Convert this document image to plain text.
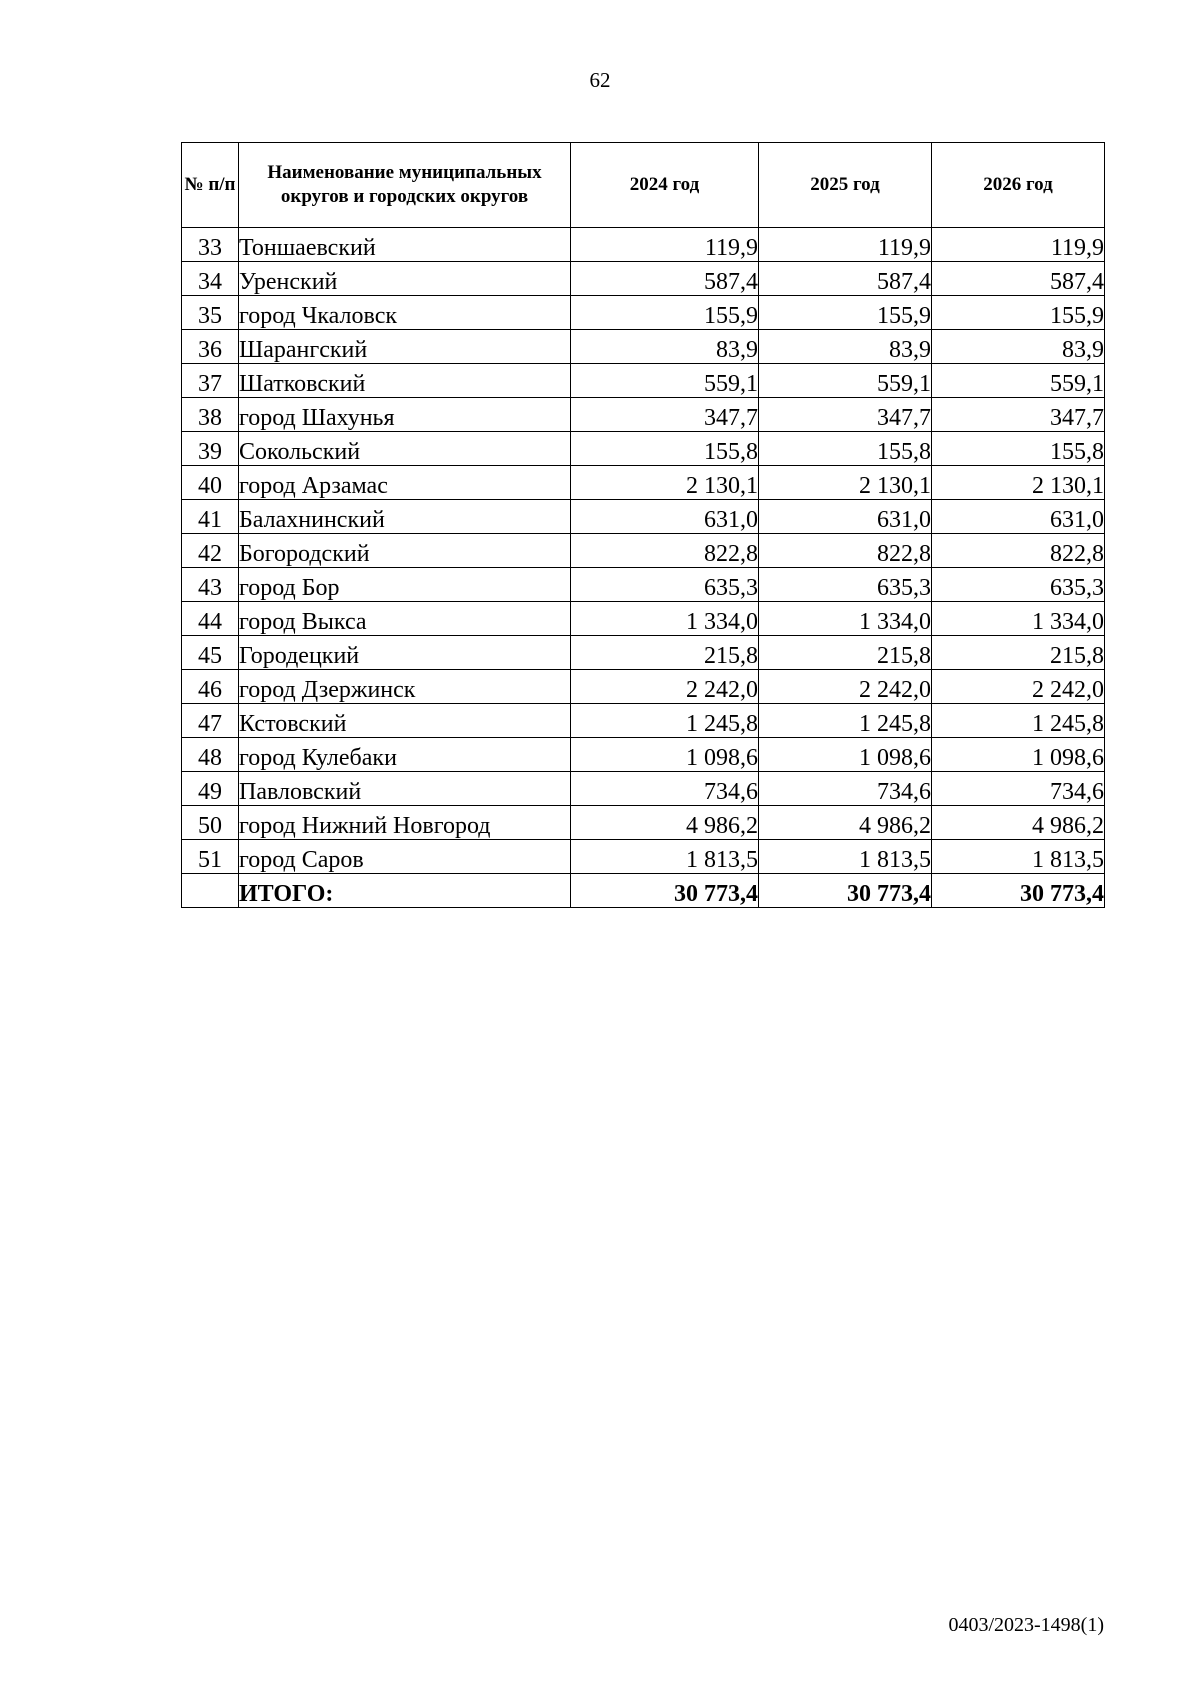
62
№ п/п	Наименование муниципальных округов и городских округов	2024 год	2025 год	2026 год
33	Тоншаевский	119,9	119,9	119,9
34	Уренский	587,4	587,4	587,4
35	город Чкаловск	155,9	155,9	155,9
36	Шарангский	83,9	83,9	83,9
37	Шатковский	559,1	559,1	559,1
38	город Шахунья	347,7	347,7	347,7
39	Сокольский	155,8	155,8	155,8
40	город Арзамас	2 130,1	2 130,1	2 130,1
41	Балахнинский	631,0	631,0	631,0
42	Богородский	822,8	822,8	822,8
43	город Бор	635,3	635,3	635,3
44	город Выкса	1 334,0	1 334,0	1 334,0
45	Городецкий	215,8	215,8	215,8
46	город Дзержинск	2 242,0	2 242,0	2 242,0
47	Кстовский	1 245,8	1 245,8	1 245,8
48	город Кулебаки	1 098,6	1 098,6	1 098,6
49	Павловский	734,6	734,6	734,6
50	город Нижний Новгород	4 986,2	4 986,2	4 986,2
51	город Саров	1 813,5	1 813,5	1 813,5
	ИТОГО:	30 773,4	30 773,4	30 773,4
0403/2023-1498(1)
